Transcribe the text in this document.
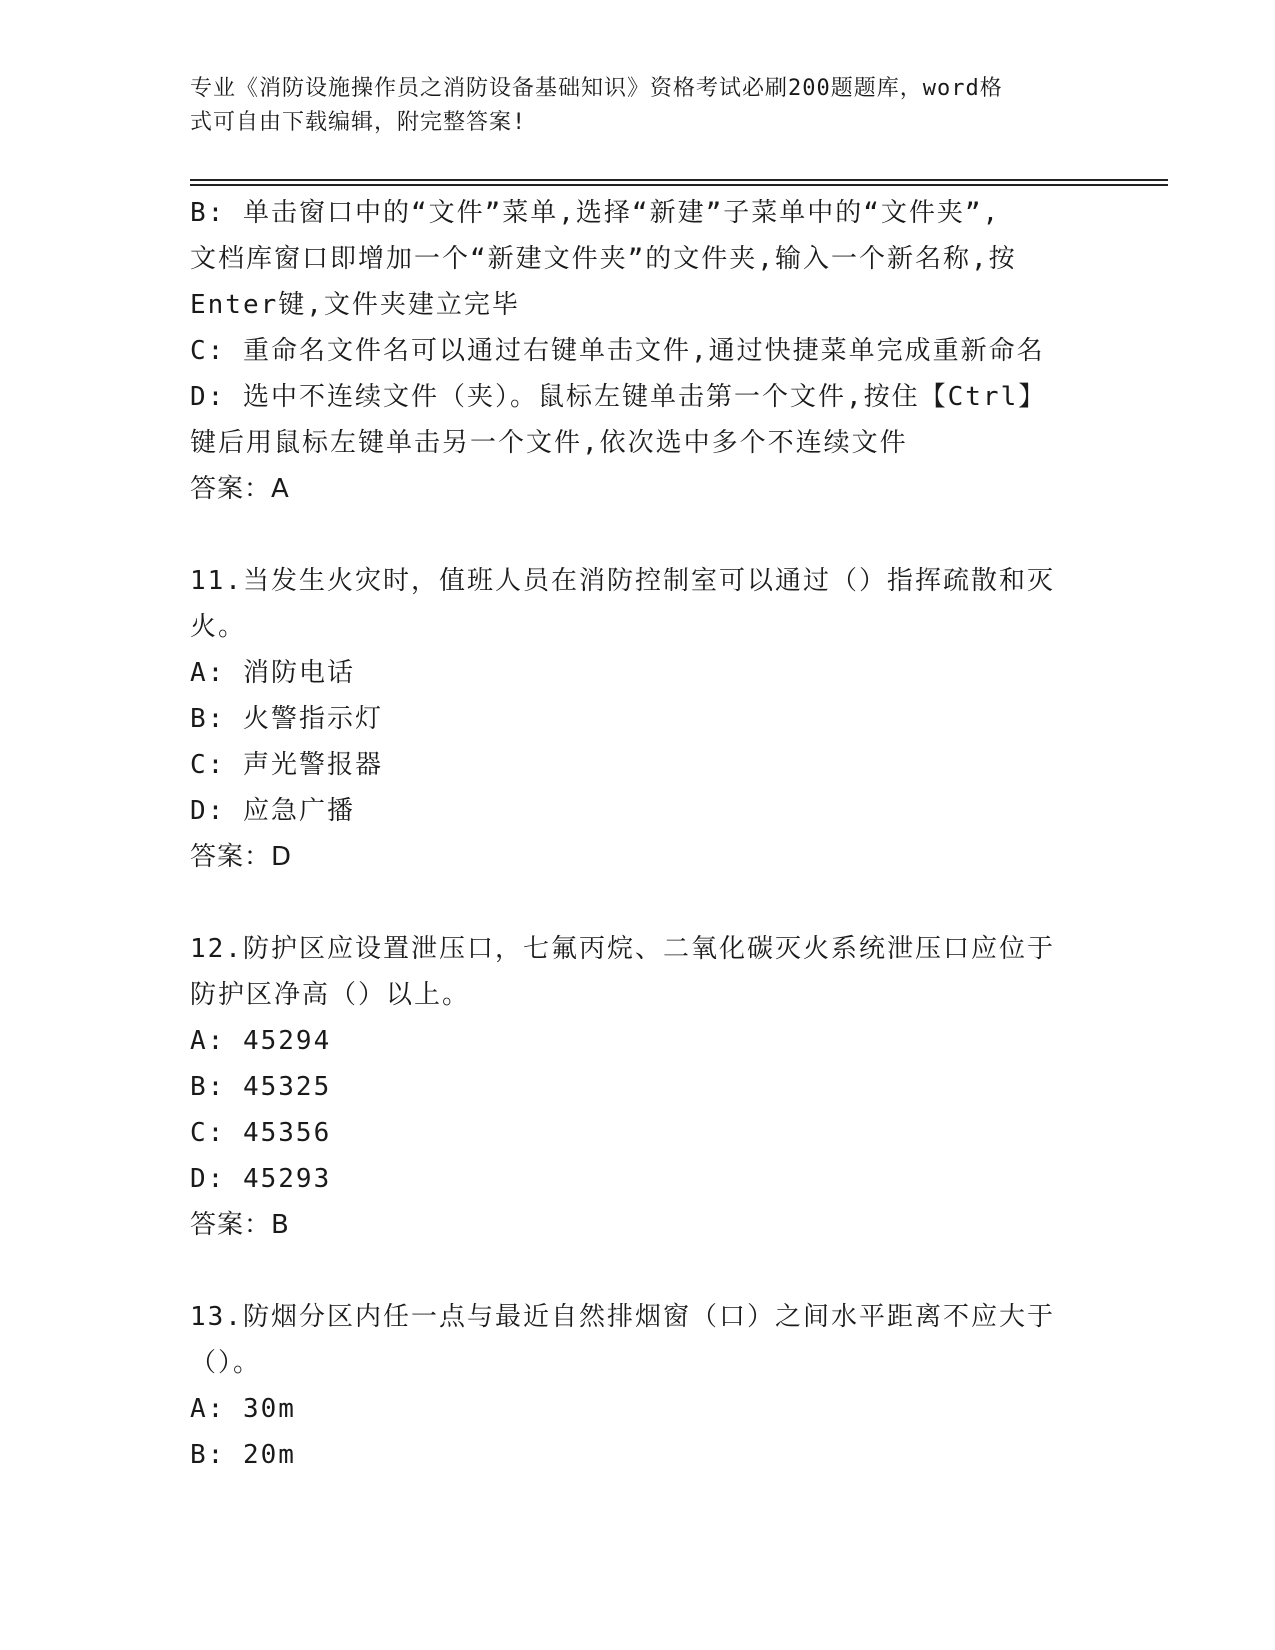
专业《消防设施操作员之消防设备基础知识》资格考试必刷200题题库，word格
式可自由下载编辑，附完整答案!
B: 单击窗口中的“文件”菜单,选择“新建”子菜单中的“文件夹”,
文档库窗口即增加一个“新建文件夹”的文件夹,输入一个新名称,按
Enter键,文件夹建立完毕
C: 重命名文件名可以通过右键单击文件,通过快捷菜单完成重新命名
D: 选中不连续文件（夹）。鼠标左键单击第一个文件,按住【Ctrl】
键后用鼠标左键单击另一个文件,依次选中多个不连续文件
答案：A
11.当发生火灾时，值班人员在消防控制室可以通过（）指挥疏散和灭
火。
A: 消防电话
B: 火警指示灯
C: 声光警报器
D: 应急广播
答案：D
12.防护区应设置泄压口，七氟丙烷、二氧化碳灭火系统泄压口应位于
防护区净高（）以上。
A: 45294
B: 45325
C: 45356
D: 45293
答案：B
13.防烟分区内任一点与最近自然排烟窗（口）之间水平距离不应大于
（）。
A: 30m
B: 20m
